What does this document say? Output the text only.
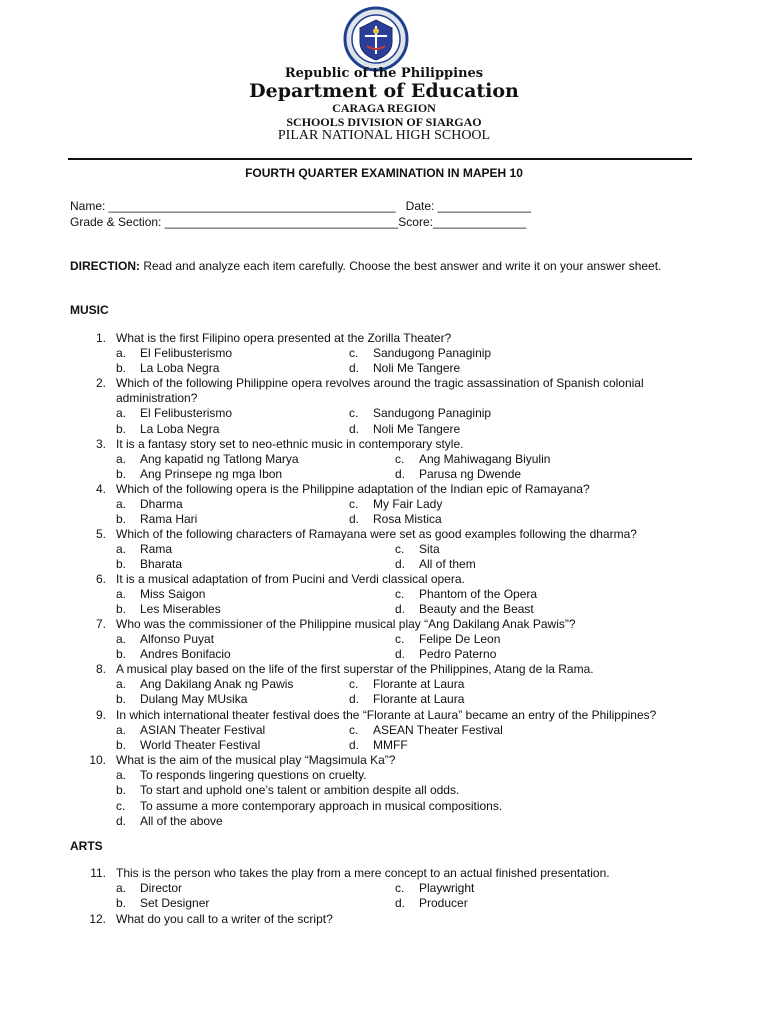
Republic of the Philippines
Department of Education
CARAGA REGION
SCHOOLS DIVISION OF SIARGAO
PILAR NATIONAL HIGH SCHOOL
FOURTH QUARTER EXAMINATION IN MAPEH 10
Name: ___________________________________________   Date: ______________
Grade & Section: ___________________________________Score:______________
DIRECTION: Read and analyze each item carefully. Choose the best answer and write it on your answer sheet.
MUSIC
ARTS
1. What is the first Filipino opera presented at the Zorilla Theater?
a. El Felibusterismo	c. Sandugong Panaginip
b. La Loba Negra	d. Noli Me Tangere
2. Which of the following Philippine opera revolves around the tragic assassination of Spanish colonial administration?
a. El Felibusterismo	c. Sandugong Panaginip
b. La Loba Negra	d. Noli Me Tangere
3. It is a fantasy story set to neo-ethnic music in contemporary style.
a. Ang kapatid ng Tatlong Marya	c. Ang Mahiwagang Biyulin
b. Ang Prinsepe ng mga Ibon	d. Parusa ng Dwende
4. Which of the following opera is the Philippine adaptation of the Indian epic of Ramayana?
a. Dharma	c. My Fair Lady
b. Rama Hari	d. Rosa Mistica
5. Which of the following characters of Ramayana were set as good examples following the dharma?
a. Rama	c. Sita
b. Bharata	d. All of them
6. It is a musical adaptation of from Pucini and Verdi classical opera.
a. Miss Saigon	c. Phantom of the Opera
b. Les Miserables	d. Beauty and the Beast
7. Who was the commissioner of the Philippine musical play “Ang Dakilang Anak Pawis”?
a. Alfonso Puyat	c. Felipe De Leon
b. Andres Bonifacio	d. Pedro Paterno
8. A musical play based on the life of the first superstar of the Philippines, Atang de la Rama.
a. Ang Dakilang Anak ng Pawis	c. Florante at Laura
b. Dulang May MUsika	d. Florante at Laura
9. In which international theater festival does the “Florante at Laura” became an entry of the Philippines?
a. ASIAN Theater Festival	c. ASEAN Theater Festival
b. World Theater Festival	d. MMFF
10. What is the aim of the musical play “Magsimula Ka”?
a. To responds lingering questions on cruelty.
b. To start and uphold one’s talent or ambition despite all odds.
c. To assume a more contemporary approach in musical compositions.
d. All of the above
11. This is the person who takes the play from a mere concept to an actual finished presentation.
a. Director	c. Playwright
b. Set Designer	d. Producer
12. What do you call to a writer of the script?
